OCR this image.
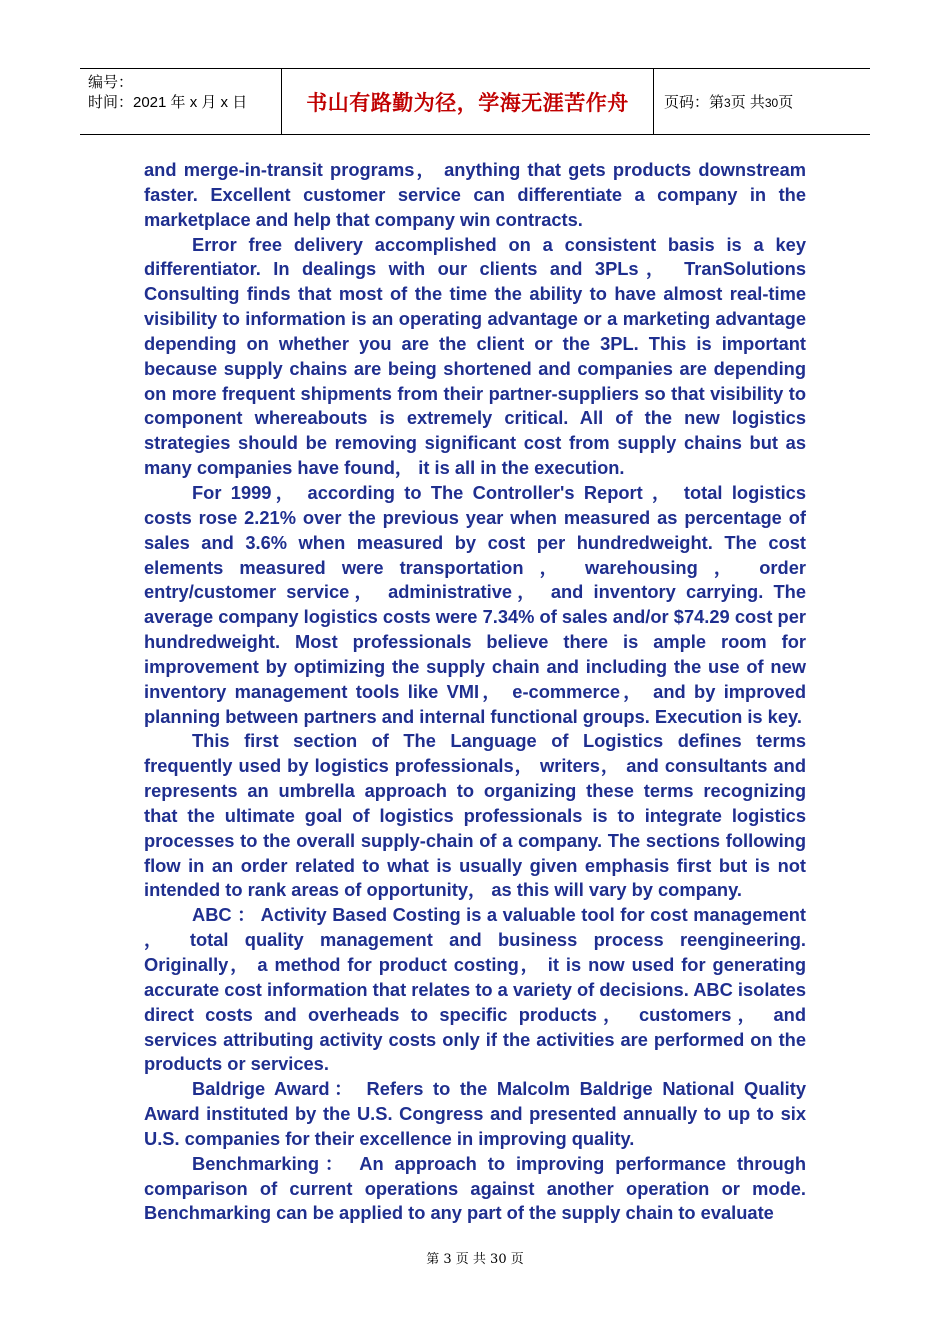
编号：
时间：2021 年 x 月 x 日	书山有路勤为径，学海无涯苦作舟 页码：第3页 共30页

and merge-in-transit programs， anything that gets products downstream faster. Excellent customer service can differentiate a company in the marketplace and help that company win contracts.

Error free delivery accomplished on a consistent basis is a key differentiator. In dealings with our clients and 3PLs， TranSolutions Consulting finds that most of the time the ability to have almost real-time visibility to information is an operating advantage or a marketing advantage depending on whether you are the client or the 3PL. This is important because supply chains are being shortened and companies are depending on more frequent shipments from their partner-suppliers so that visibility to component whereabouts is extremely critical. All of the new logistics strategies should be removing significant cost from supply chains but as many companies have found， it is all in the execution.

For 1999， according to The Controller's Report ， total logistics costs rose 2.21% over the previous year when measured as percentage of sales and 3.6% when measured by cost per hundredweight. The cost elements measured were transportation ， warehousing ， order entry/customer service， administrative， and inventory carrying. The average company logistics costs were 7.34% of sales and/or $74.29 cost per hundredweight. Most professionals believe there is ample room for improvement by optimizing the supply chain and including the use of new inventory management tools like VMI， e-commerce， and by improved planning between partners and internal functional groups. Execution is key.

This first section of The Language of Logistics defines terms frequently used by logistics professionals， writers， and consultants and represents an umbrella approach to organizing these terms recognizing that the ultimate goal of logistics professionals is to integrate logistics processes to the overall supply-chain of a company. The sections following flow in an order related to what is usually given emphasis first but is not intended to rank areas of opportunity， as this will vary by company.

ABC ： Activity Based Costing is a valuable tool for cost management ， total quality management and business process reengineering. Originally， a method for product costing， it is now used for generating accurate cost information that relates to a variety of decisions. ABC isolates direct costs and overheads to specific products， customers， and services attributing activity costs only if the activities are performed on the products or services.

Baldrige Award： Refers to the Malcolm Baldrige National Quality Award instituted by the U.S. Congress and presented annually to up to six U.S. companies for their excellence in improving quality.

Benchmarking： An approach to improving performance through comparison of current operations against another operation or mode. Benchmarking can be applied to any part of the supply chain to evaluate

第 3 页 共 30 页
